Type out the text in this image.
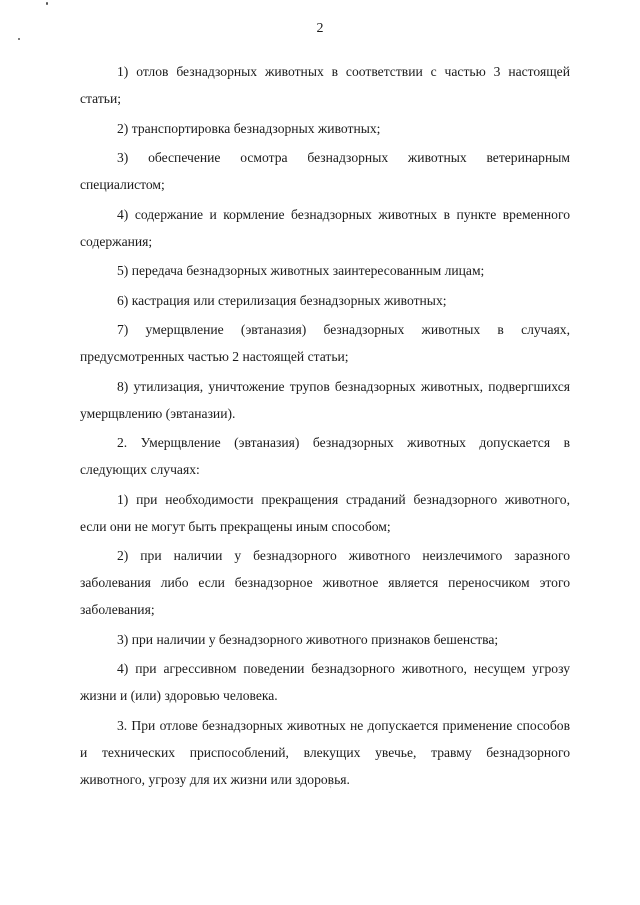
2

1) отлов безнадзорных животных в соответствии с частью 3 настоящей статьи;

2) транспортировка безнадзорных животных;

3) обеспечение осмотра безнадзорных животных ветеринарным специалистом;

4) содержание и кормление безнадзорных животных в пункте временного содержания;

5) передача безнадзорных животных заинтересованным лицам;

6) кастрация или стерилизация безнадзорных животных;

7) умерщвление (эвтаназия) безнадзорных животных в случаях, предусмотренных частью 2 настоящей статьи;

8) утилизация, уничтожение трупов безнадзорных животных, подвергшихся умерщвлению (эвтаназии).

2. Умерщвление (эвтаназия) безнадзорных животных допускается в следующих случаях:

1) при необходимости прекращения страданий безнадзорного животного, если они не могут быть прекращены иным способом;

2) при наличии у безнадзорного животного неизлечимого заразного заболевания либо если безнадзорное животное является переносчиком этого заболевания;

3) при наличии у безнадзорного животного признаков бешенства;

4) при агрессивном поведении безнадзорного животного, несущем угрозу жизни и (или) здоровью человека.

3. При отлове безнадзорных животных не допускается применение способов и технических приспособлений, влекущих увечье, травму безнадзорного животного, угрозу для их жизни или здоровья.
